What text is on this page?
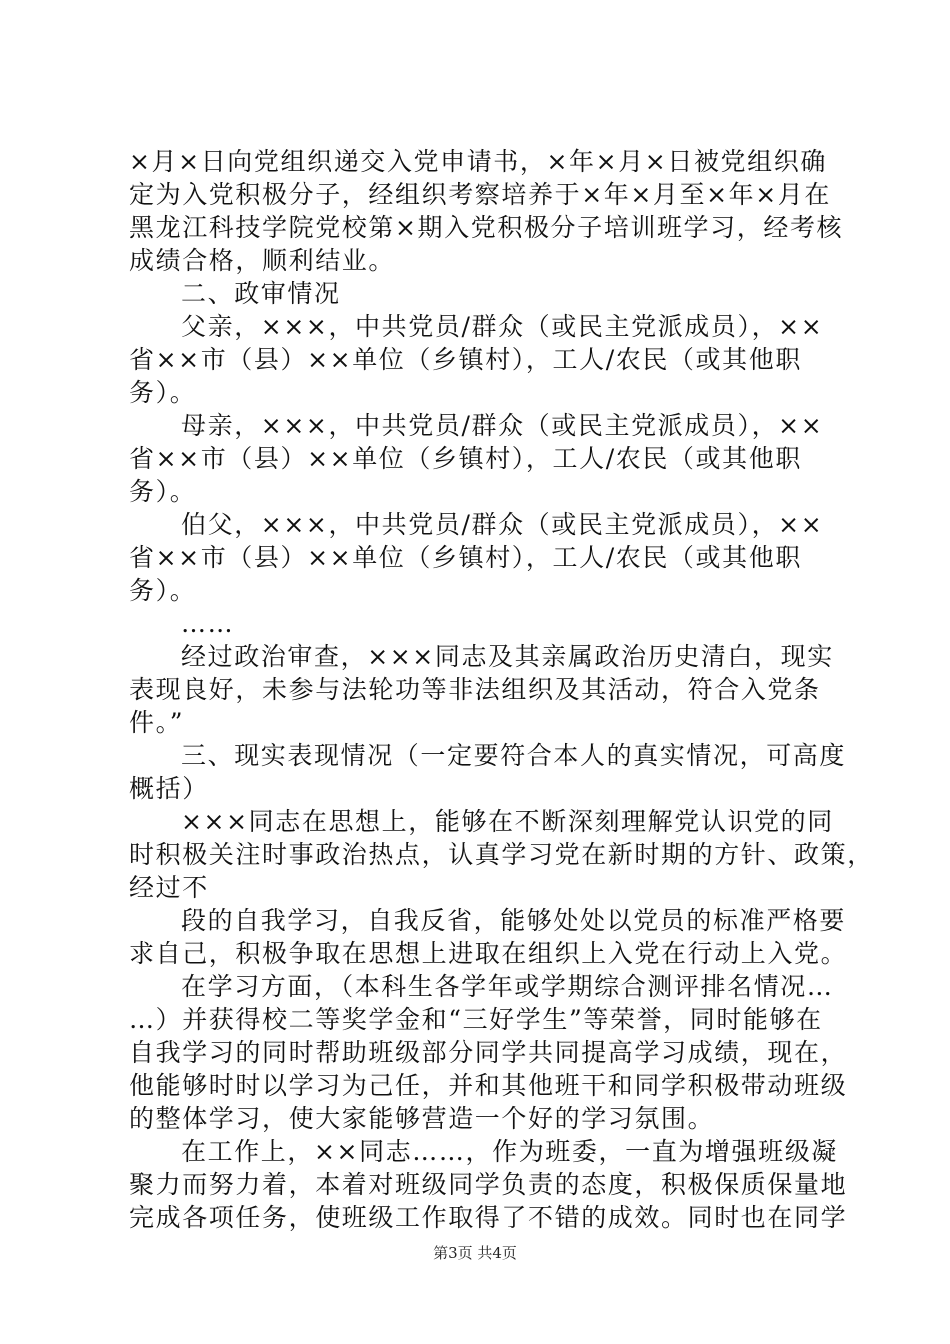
×月×日向党组织递交入党申请书，×年×月×日被党组织确
定为入党积极分子，经组织考察培养于×年×月至×年×月在
黑龙江科技学院党校第×期入党积极分子培训班学习，经考核
成绩合格，顺利结业。
二、政审情况
父亲，×××，中共党员/群众（或民主党派成员），××
省××市（县）××单位（乡镇村），工人/农民（或其他职
务）。
母亲，×××，中共党员/群众（或民主党派成员），××
省××市（县）××单位（乡镇村），工人/农民（或其他职
务）。
伯父，×××，中共党员/群众（或民主党派成员），××
省××市（县）××单位（乡镇村），工人/农民（或其他职
务）。
……
经过政治审查，×××同志及其亲属政治历史清白，现实
表现良好，未参与法轮功等非法组织及其活动，符合入党条
件。”
三、现实表现情况（一定要符合本人的真实情况，可高度
概括）
×××同志在思想上，能够在不断深刻理解党认识党的同
时积极关注时事政治热点，认真学习党在新时期的方针、政策，
经过不
段的自我学习，自我反省，能够处处以党员的标准严格要
求自己，积极争取在思想上进取在组织上入党在行动上入党。
在学习方面，（本科生各学年或学期综合测评排名情况…
…）并获得校二等奖学金和“三好学生”等荣誉，同时能够在
自我学习的同时帮助班级部分同学共同提高学习成绩，现在，
他能够时时以学习为己任，并和其他班干和同学积极带动班级
的整体学习，使大家能够营造一个好的学习氛围。
在工作上，××同志……，作为班委，一直为增强班级凝
聚力而努力着，本着对班级同学负责的态度，积极保质保量地
完成各项任务，使班级工作取得了不错的成效。同时也在同学
第3页 共4页
